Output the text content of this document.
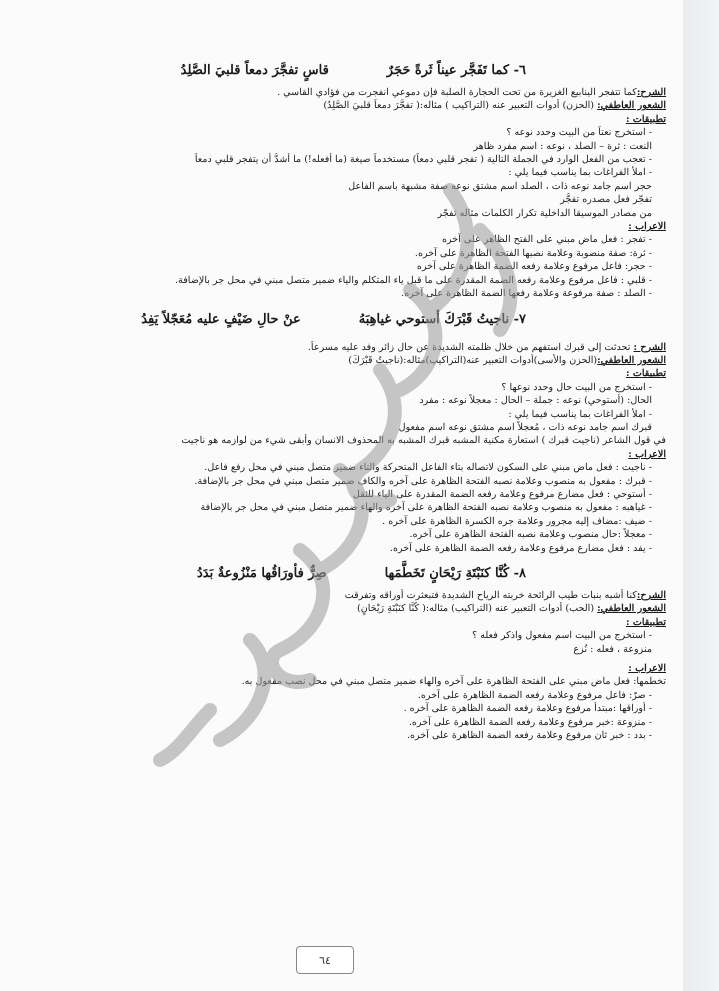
٦- كما تَفَجَّر عيناً ثَرةً حَجَرٌ
قاسٍ تفجَّرَ دمعاً قلبيَ الصَّلِدُ
الشرح:كما تتفجر الينابيع الغزيرة من تحت الحجارة الصلبة فإن دموعي انفجرت من فؤادي القاسي .
الشعور العاطفي: (الحزن) أدوات التعبير عنه (التراكيب ) مثاله:( تفجَّرَ دمعاً قلبيَ الصَّلِدُ)
تطبيقات :
- استخرج نعتاً من البيت وحدد نوعه ؟
النعت : ثرة – الصلد ، نوعه : اسم مفرد ظاهر
- تعجب من الفعل الوارد في الجملة التالية ( تفجر قلبي دمعاً) مستخدماً صيغة (ما أفعله!) ما أشدَّ أن يتفجر قلبي دمعاً
- املأ الفراغات بما يناسب فيما يلي :
حجر اسم جامد نوعه ذات ، الصلد اسم مشتق نوعه صفة مشبهة باسم الفاعل
تفجّر فعل مصدره تفجُّر
من مصادر الموسيقا الداخلية تكرار الكلمات مثاله تفجّر
الاعراب :
- تفجر : فعل ماض مبني على الفتح الظاهر على آخره
- ثرة: صفة منصوبة وعلامة نصبها الفتحة الظاهرة على آخره.
- حجر: فاعل مرفوع وعلامة رفعه الضمة الظاهرة على آخره
- قلبي : فاعل مرفوع وعلامة رفعه الضمة المقدرة على ما قبل ياء المتكلم والياء ضمير متصل مبني في محل جر بالإضافة.
- الصلد : صفة مرفوعة وعلامة رفعها الضمة الظاهرة على آخره.
٧- ناجيتُ قَبْرَكَ أستوحي غياهِبَهُ
عنْ حالِ ضَيْفٍ عليه مُعَجّلاً يَفِدُ
الشرح : تحدثت إلى قبرك استفهم من خلال ظلمته الشديدة عن حال زائر وفد عليه مسرعاً.
الشعور العاطفي:(الحزن والأسى)أدوات التعبير عنه(التراكيب)مثاله:(ناجيتُ قَبْرَكَ)
تطبيقات :
- استخرج من البيت حال وحدد نوعها ؟
الحال: (أستوحي) نوعه : جملة – الحال : معجلاً نوعه : مفرد
- املأ الفراغات بما يناسب فيما يلي :
قبرك اسم جامد نوعه ذات ، مُعجلاً اسم مشتق نوعه اسم مفعول
في قول الشاعر (ناجيت قبرك ) استعارة مكنية المشبه قبرك المشبه به المحذوف الانسان وأبقى شيء من لوازمه هو ناجيت
الاعراب :
- ناجيت : فعل ماض مبني على السكون لاتصاله بتاء الفاعل المتحركة والتاء ضمير متصل مبني في محل رفع فاعل.
- قبرك : مفعول به منصوب وعلامة نصبه الفتحة الظاهرة على آخره والكاف ضمير متصل مبني في محل جر بالإضافة.
- أستوحي : فعل مضارع مرفوع وعلامة رفعه الضمة المقدرة على الياء للثقل
- غياهبه : مفعول به منصوب وعلامة نصبه الفتحة الظاهرة على آخره والهاء ضمير متصل مبني في محل جر بالإضافة
- ضيف :مضاف إليه مجرور وعلامة جره الكسرة الظاهرة على آخره .
- معجلاً :حال منصوب وعلامة نصبه الفتحة الظاهرة على آخره.
- يفد : فعل مضارع مرفوع وعلامة رفعه الضمة الظاهرة على آخره.
٨- كُنَّا كنَبْتَةِ رَيْحَانٍ تَخَطَّمَها
صِرٌّ فأورَاقُها مَنْزُوعةٌ بَدَدُ
الشرح:كنا أشبه بنبات طيب الرائحة خربته الرياح الشديدة فتبعثرت أوراقه وتفرقت
الشعور العاطفي: (الحب) أدوات التعبير عنه (التراكيب) مثاله:( كُنَّا كنَبْتَةِ رَيْحَانٍ)
تطبيقات :
- استخرج من البيت اسم مفعول واذكر فعله ؟
منزوعة ، فعله : نُزع
الاعراب :
تخطمها: فعل ماض مبني على الفتحة الظاهرة على آخره والهاء ضمير متصل مبني في محل نصب مفعول به.
- صرّ: فاعل مرفوع وعلامة رفعه الضمة الظاهرة على آخره.
- أوراقها :مبتدأ مرفوع وعلامة رفعه الضمة الظاهرة على آخره .
- منزوعة :خبر مرفوع وعلامة رفعه الضمة الظاهرة على آخره.
- بدد : خبر ثان مرفوع وعلامة رفعه الضمة الظاهرة على آخره.
٦٤
